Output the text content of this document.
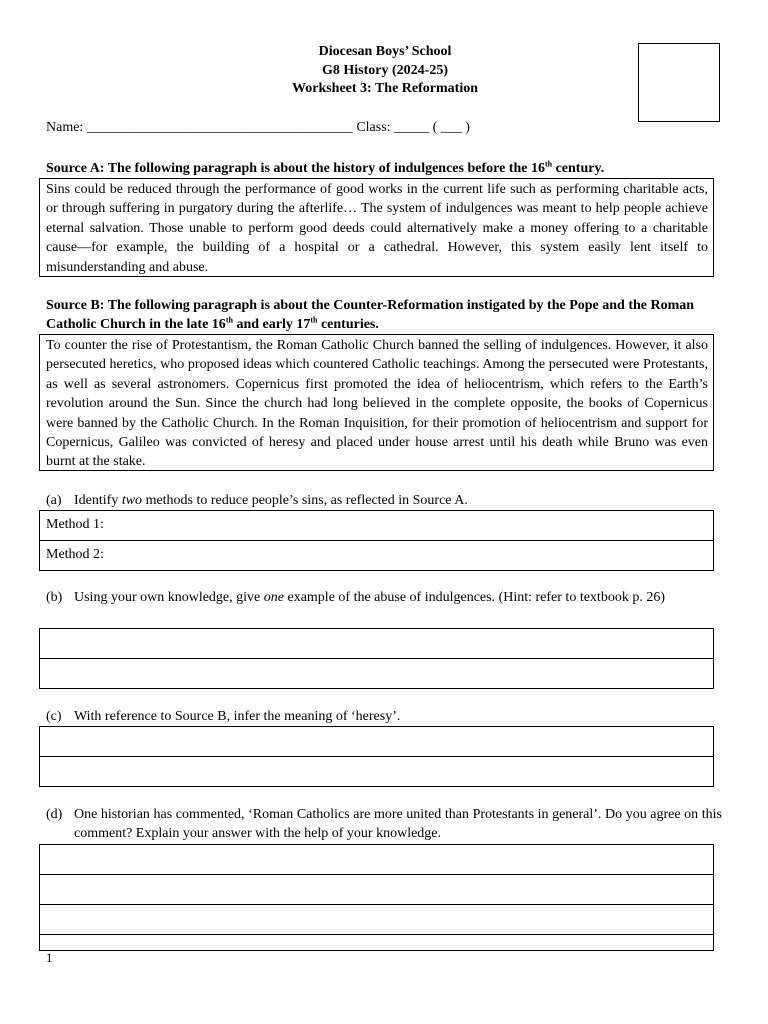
Diocesan Boys’ School
G8 History (2024-25)
Worksheet 3: The Reformation
Name: ______________________________________ Class: _____ ( ___ )
Source A: The following paragraph is about the history of indulgences before the 16th century.
Sins could be reduced through the performance of good works in the current life such as performing charitable acts, or through suffering in purgatory during the afterlife… The system of indulgences was meant to help people achieve eternal salvation. Those unable to perform good deeds could alternatively make a money offering to a charitable cause—for example, the building of a hospital or a cathedral. However, this system easily lent itself to misunderstanding and abuse.
Source B: The following paragraph is about the Counter-Reformation instigated by the Pope and the Roman Catholic Church in the late 16th and early 17th centuries.
To counter the rise of Protestantism, the Roman Catholic Church banned the selling of indulgences. However, it also persecuted heretics, who proposed ideas which countered Catholic teachings. Among the persecuted were Protestants, as well as several astronomers. Copernicus first promoted the idea of heliocentrism, which refers to the Earth’s revolution around the Sun. Since the church had long believed in the complete opposite, the books of Copernicus were banned by the Catholic Church. In the Roman Inquisition, for their promotion of heliocentrism and support for Copernicus, Galileo was convicted of heresy and placed under house arrest until his death while Bruno was even burnt at the stake.
(a) Identify two methods to reduce people’s sins, as reflected in Source A.
Method 1:
Method 2:
(b) Using your own knowledge, give one example of the abuse of indulgences. (Hint: refer to textbook p. 26)
(c) With reference to Source B, infer the meaning of ‘heresy’.
(d) One historian has commented, ‘Roman Catholics are more united than Protestants in general’. Do you agree on this comment? Explain your answer with the help of your knowledge.
1
